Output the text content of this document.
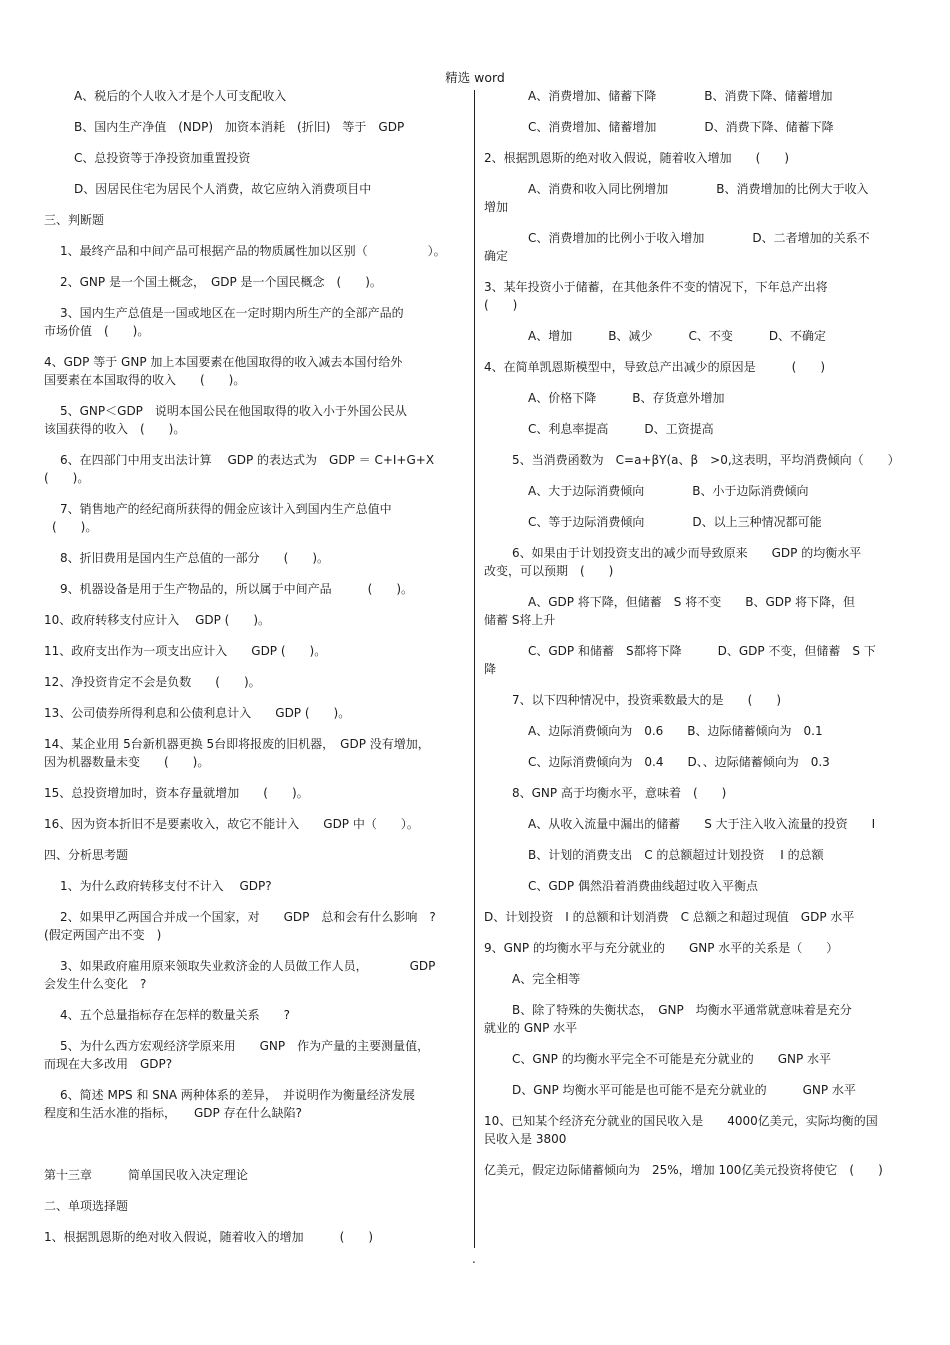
精选 word
A、税后的个人收入才是个人可支配收入
B、国内生产净值　(NDP)　加资本消耗　(折旧)　等于　GDP
C、总投资等于净投资加重置投资
D、因居民住宅为居民个人消费，故它应纳入消费项目中
三、判断题
1、最终产品和中间产品可根据产品的物质属性加以区别（　　　　　）。
2、GNP 是一个国土概念，　GDP 是一个国民概念　(　　)。
3、国内生产总值是一国或地区在一定时期内所生产的全部产品的
市场价值　(　　)。
4、GDP 等于 GNP 加上本国要素在他国取得的收入减去本国付给外
国要素在本国取得的收入　　(　　)。
5、GNP＜GDP　说明本国公民在他国取得的收入小于外国公民从
该国获得的收入　(　　)。
6、在四部门中用支出法计算　 GDP 的表达式为　GDP ＝ C+I+G+X
(　　)。
7、销售地产的经纪商所获得的佣金应该计入到国内生产总值中
(　　)。
8、折旧费用是国内生产总值的一部分　　(　　)。
9、机器设备是用于生产物品的，所以属于中间产品　　　(　　)。
10、政府转移支付应计入　 GDP (　　)。
11、政府支出作为一项支出应计入　　GDP (　　)。
12、净投资肯定不会是负数　　(　　)。
13、公司债券所得利息和公债利息计入　　GDP (　　)。
14、某企业用 5台新机器更换 5台即将报废的旧机器，　GDP 没有增加，
因为机器数量未变　　(　　)。
15、总投资增加时，资本存量就增加　　(　　)。
16、因为资本折旧不是要素收入，故它不能计入　　GDP 中（　　）。
四、分析思考题
1、为什么政府转移支付不计入　 GDP?
2、如果甲乙两国合并成一个国家，对　　GDP　总和会有什么影响　?
(假定两国产出不变　)
3、如果政府雇用原来领取失业救济金的人员做工作人员，　　　　GDP
会发生什么变化　?
4、五个总量指标存在怎样的数量关系　　?
5、为什么西方宏观经济学原来用　　GNP　作为产量的主要测量值，
而现在大多改用　GDP?
6、简述 MPS 和 SNA 两种体系的差异，　并说明作为衡量经济发展
程度和生活水准的指标，　　GDP 存在什么缺陷?
第十三章　　　简单国民收入决定理论
二、单项选择题
1、根据凯恩斯的绝对收入假说，随着收入的增加　　　(　　)
A、消费增加、储蓄下降　　　　B、消费下降、储蓄增加
C、消费增加、储蓄增加　　　　D、消费下降、储蓄下降
2、根据凯恩斯的绝对收入假说，随着收入增加　　(　　)
A、消费和收入同比例增加　　　　B、消费增加的比例大于收入
增加
C、消费增加的比例小于收入增加　　　　D、二者增加的关系不
确定
3、某年投资小于储蓄，在其他条件不变的情况下，下年总产出将
(　　)
A、增加　　　B、减少　　　C、不变　　　D、不确定
4、在简单凯恩斯模型中，导致总产出减少的原因是　　　(　　)
A、价格下降　　　B、存货意外增加
C、利息率提高　　　D、工资提高
5、当消费函数为　C=a+βY(a、β　>0,这表明，平均消费倾向（　　）
A、大于边际消费倾向　　　　B、小于边际消费倾向
C、等于边际消费倾向　　　　D、以上三种情况都可能
6、如果由于计划投资支出的减少而导致原来　　GDP 的均衡水平
改变，可以预期　(　　)
A、GDP 将下降，但储蓄　S 将不变　　B、GDP 将下降，但
储蓄 S将上升
C、GDP 和储蓄　S都将下降　　　D、GDP 不变，但储蓄　S 下
降
7、以下四种情况中，投资乘数最大的是　　(　　)
A、边际消费倾向为　0.6　　B、边际储蓄倾向为　0.1
C、边际消费倾向为　0.4　　D、、边际储蓄倾向为　0.3
8、GNP 高于均衡水平，意味着　(　　)
A、从收入流量中漏出的储蓄　　S 大于注入收入流量的投资　　I
B、计划的消费支出　C 的总额超过计划投资　 I 的总额
C、GDP 偶然沿着消费曲线超过收入平衡点
D、计划投资　I 的总额和计划消费　C 总额之和超过现值　GDP 水平
9、GNP 的均衡水平与充分就业的　　GNP 水平的关系是（　　）
A、完全相等
B、除了特殊的失衡状态，　GNP　均衡水平通常就意味着是充分
就业的 GNP 水平
C、GNP 的均衡水平完全不可能是充分就业的　　GNP 水平
D、GNP 均衡水平可能是也可能不是充分就业的　　　GNP 水平
10、已知某个经济充分就业的国民收入是　　4000亿美元，实际均衡的国
民收入是 3800
亿美元，假定边际储蓄倾向为　25%，增加 100亿美元投资将使它　(　　)
.
